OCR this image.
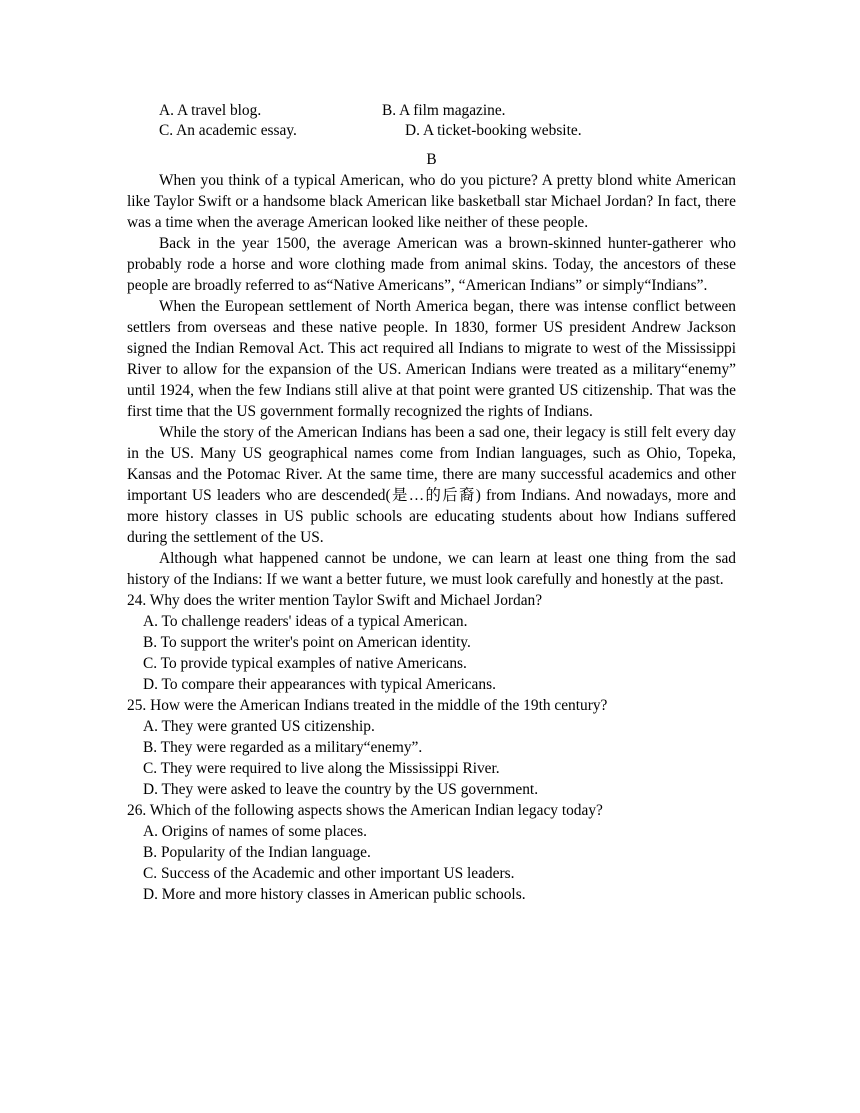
A. A travel blog.	B. A film magazine.
C. An academic essay.	D. A ticket-booking website.
B

When you think of a typical American, who do you picture? A pretty blond white American like Taylor Swift or a handsome black American like basketball star Michael Jordan? In fact, there was a time when the average American looked like neither of these people.

Back in the year 1500, the average American was a brown-skinned hunter-gatherer who probably rode a horse and wore clothing made from animal skins. Today, the ancestors of these people are broadly referred to as“Native Americans”, “American Indians” or simply“Indians”.

When the European settlement of North America began, there was intense conflict between settlers from overseas and these native people. In 1830, former US president Andrew Jackson signed the Indian Removal Act. This act required all Indians to migrate to west of the Mississippi River to allow for the expansion of the US. American Indians were treated as a military“enemy” until 1924, when the few Indians still alive at that point were granted US citizenship. That was the first time that the US government formally recognized the rights of Indians.

While the story of the American Indians has been a sad one, their legacy is still felt every day in the US. Many US geographical names come from Indian languages, such as Ohio, Topeka, Kansas and the Potomac River. At the same time, there are many successful academics and other important US leaders who are descended(是…的后裔) from Indians. And nowadays, more and more history classes in US public schools are educating students about how Indians suffered during the settlement of the US.

Although what happened cannot be undone, we can learn at least one thing from the sad history of the Indians: If we want a better future, we must look carefully and honestly at the past.

24. Why does the writer mention Taylor Swift and Michael Jordan?

A. To challenge readers' ideas of a typical American.

B. To support the writer's point on American identity.

C. To provide typical examples of native Americans.

D. To compare their appearances with typical Americans.

25. How were the American Indians treated in the middle of the 19th century?

A. They were granted US citizenship.

B. They were regarded as a military“enemy”.

C. They were required to live along the Mississippi River.

D. They were asked to leave the country by the US government.

26. Which of the following aspects shows the American Indian legacy today?

A. Origins of names of some places.

B. Popularity of the Indian language.

C. Success of the Academic and other important US leaders.

D. More and more history classes in American public schools.
